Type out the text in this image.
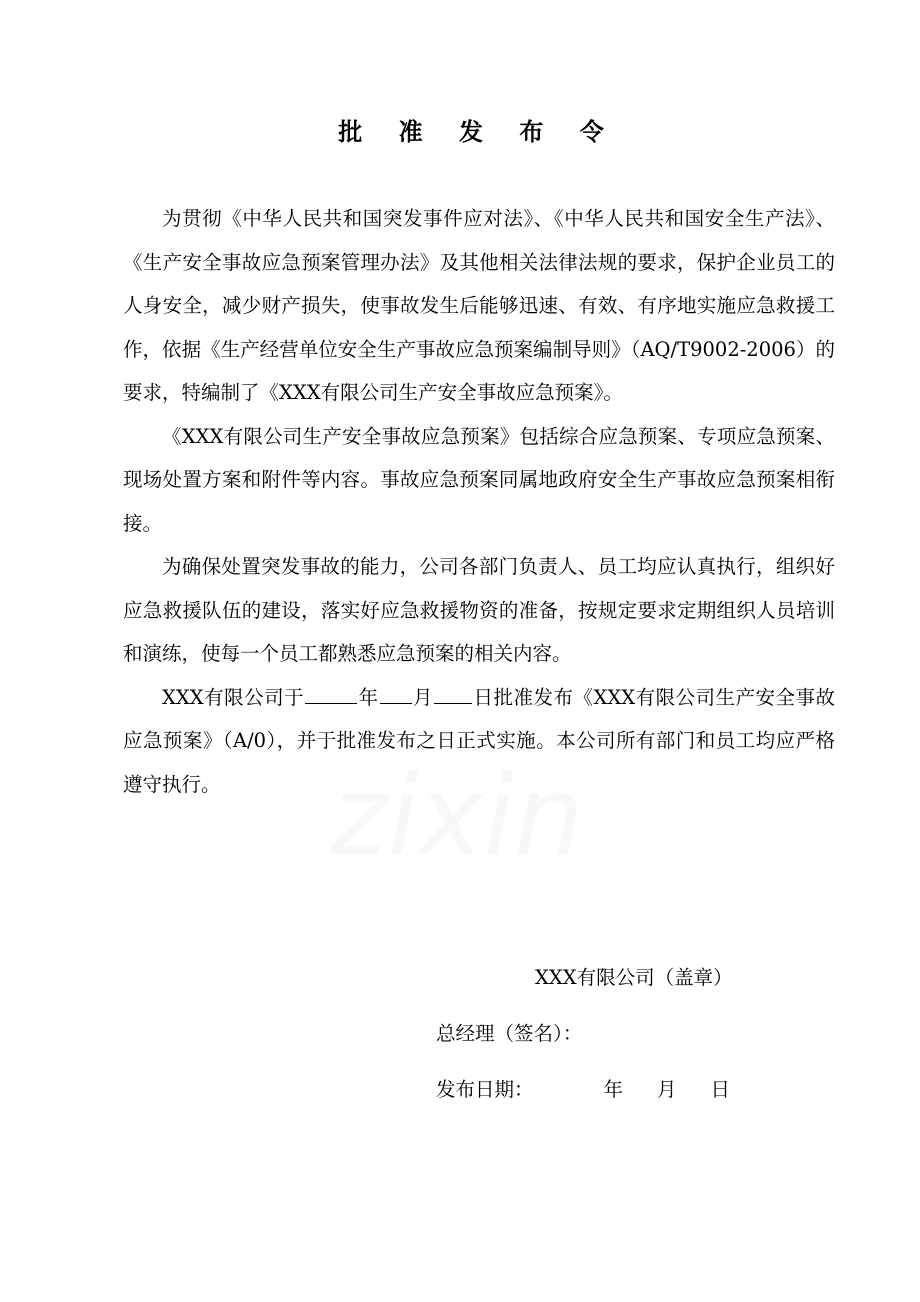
批 准 发 布 令

为贯彻《中华人民共和国突发事件应对法》、《中华人民共和国安全生产法》、《生产安全事故应急预案管理办法》及其他相关法律法规的要求，保护企业员工的人身安全，减少财产损失，使事故发生后能够迅速、有效、有序地实施应急救援工作，依据《生产经营单位安全生产事故应急预案编制导则》（AQ/T9002-2006）的要求，特编制了《XXX有限公司生产安全事故应急预案》。

《XXX有限公司生产安全事故应急预案》包括综合应急预案、专项应急预案、现场处置方案和附件等内容。事故应急预案同属地政府安全生产事故应急预案相衔接。

为确保处置突发事故的能力，公司各部门负责人、员工均应认真执行，组织好应急救援队伍的建设，落实好应急救援物资的准备，按规定要求定期组织人员培训和演练，使每一个员工都熟悉应急预案的相关内容。

XXX有限公司于	年 月 日批准发布《XXX有限公司生产安全事故应急预案》（A/0），并于批准发布之日正式实施。本公司所有部门和员工均应严格遵守执行。

XXX有限公司（盖章）
总经理（签名）：
发布日期：	年 月 日
